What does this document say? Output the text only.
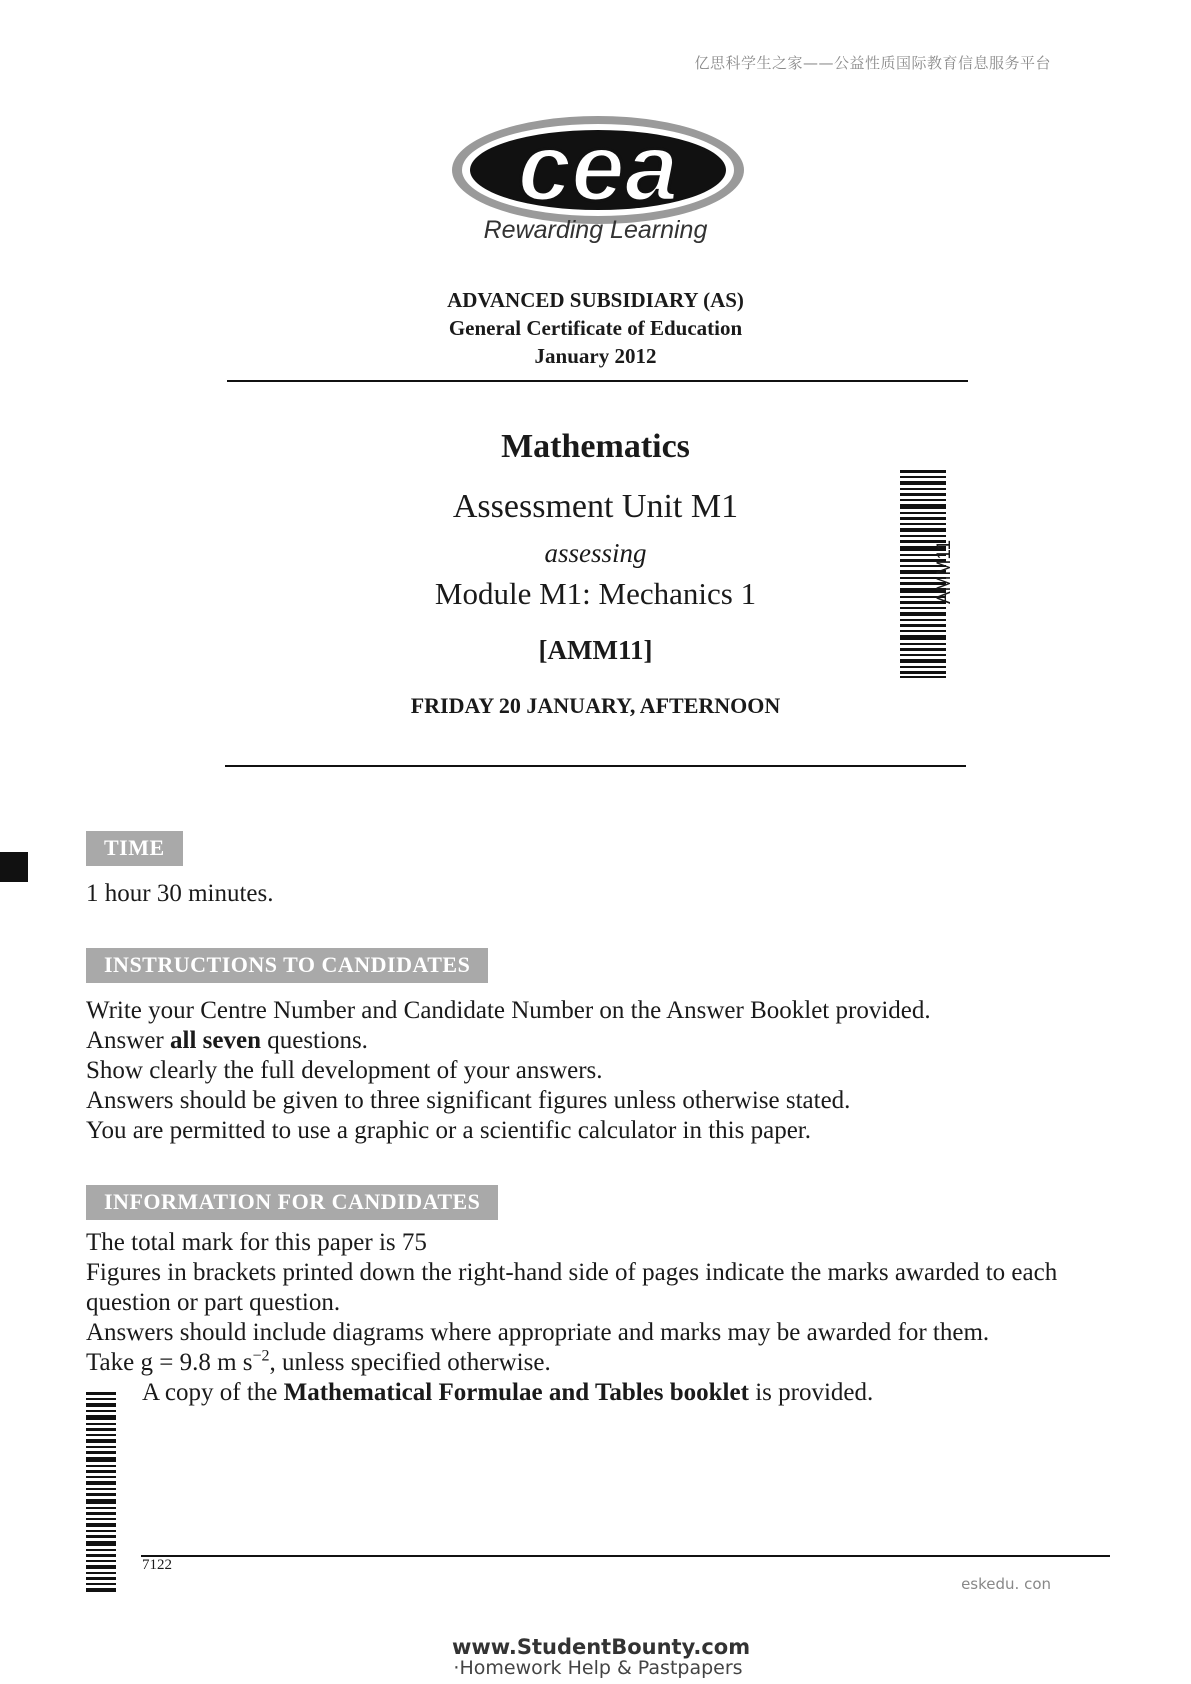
亿思科学生之家——公益性质国际教育信息服务平台
cea
Rewarding Learning
ADVANCED SUBSIDIARY (AS)
General Certificate of Education
January 2012
Mathematics
Assessment Unit M1
assessing
Module M1: Mechanics 1
[AMM11]
FRIDAY 20 JANUARY, AFTERNOON
AMM11
TIME
1 hour 30 minutes.
INSTRUCTIONS TO CANDIDATES
Write your Centre Number and Candidate Number on the Answer Booklet provided.
Answer all seven questions.
Show clearly the full development of your answers.
Answers should be given to three significant figures unless otherwise stated.
You are permitted to use a graphic or a scientific calculator in this paper.
INFORMATION FOR CANDIDATES
The total mark for this paper is 75
Figures in brackets printed down the right-hand side of pages indicate the marks awarded to each question or part question.
Answers should include diagrams where appropriate and marks may be awarded for them.
Take g = 9.8 m $s^{-2}$, unless specified otherwise.
A copy of the Mathematical Formulae and Tables booklet is provided.
7122
eskedu. con
www.StudentBounty.com
·Homework Help & Pastpapers
